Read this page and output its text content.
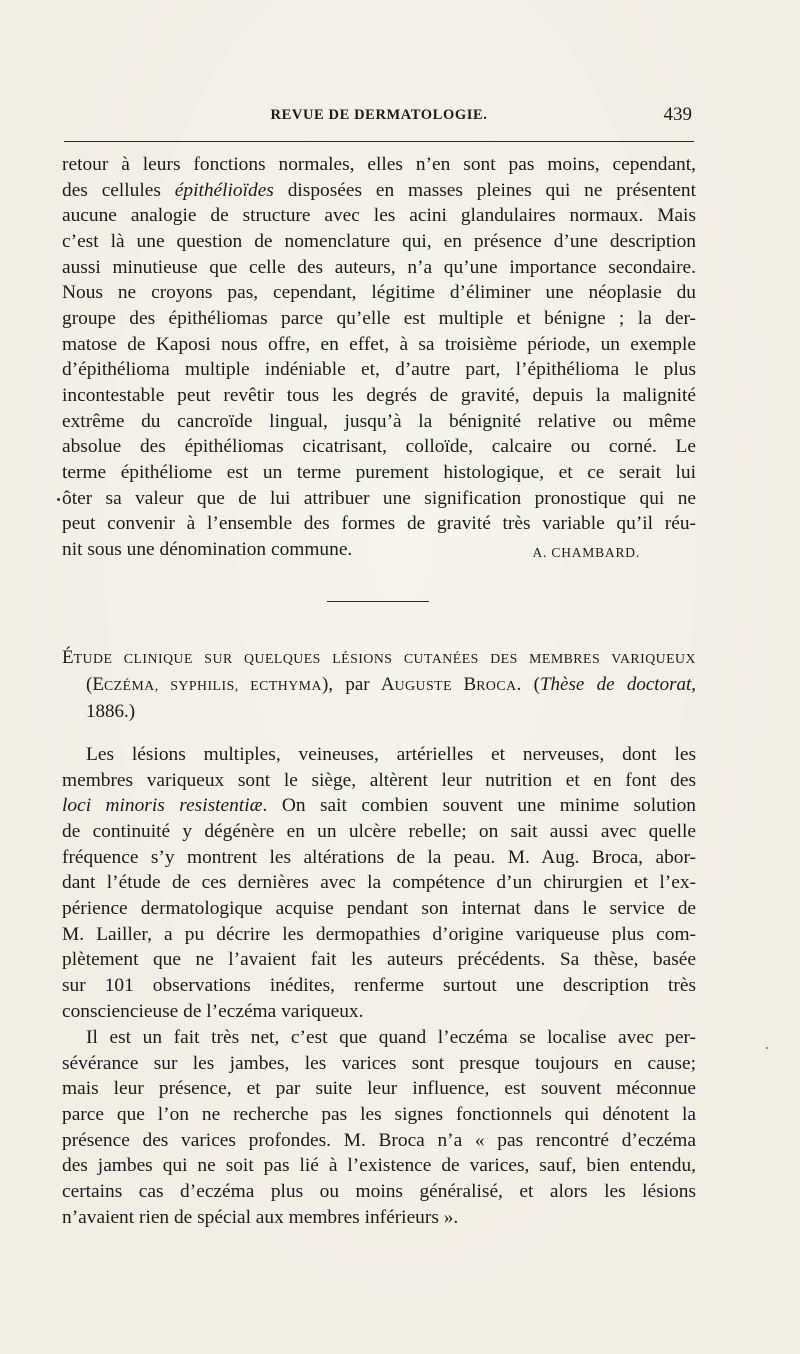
REVUE DE DERMATOLOGIE.	439
retour à leurs fonctions normales, elles n’en sont pas moins, cependant,
des cellules épithélioïdes disposées en masses pleines qui ne présentent
aucune analogie de structure avec les acini glandulaires normaux. Mais
c’est là une question de nomenclature qui, en présence d’une description
aussi minutieuse que celle des auteurs, n’a qu’une importance secondaire.
Nous ne croyons pas, cependant, légitime d’éliminer une néoplasie du
groupe des épithéliomas parce qu’elle est multiple et bénigne ; la der-
matose de Kaposi nous offre, en effet, à sa troisième période, un exemple
d’épithélioma multiple indéniable et, d’autre part, l’épithélioma le plus
incontestable peut revêtir tous les degrés de gravité, depuis la malignité
extrême du cancroïde lingual, jusqu’à la bénignité relative ou même
absolue des épithéliomas cicatrisant, colloïde, calcaire ou corné. Le
terme épithéliome est un terme purement histologique, et ce serait lui
ôter sa valeur que de lui attribuer une signification pronostique qui ne
peut convenir à l’ensemble des formes de gravité très variable qu’il réu-
nit sous une dénomination commune.	A. CHAMBARD.
ÉTUDE CLINIQUE SUR QUELQUES LÉSIONS CUTANÉES DES MEMBRES VARIQUEUX
(ECZÉMA, SYPHILIS, ECTHYMA), par AUGUSTE BROCA. (Thèse de doctorat,
1886.)
Les lésions multiples, veineuses, artérielles et nerveuses, dont les
membres variqueux sont le siège, altèrent leur nutrition et en font des
loci minoris resistentiæ. On sait combien souvent une minime solution
de continuité y dégénère en un ulcère rebelle; on sait aussi avec quelle
fréquence s’y montrent les altérations de la peau. M. Aug. Broca, abor-
dant l’étude de ces dernières avec la compétence d’un chirurgien et l’ex-
périence dermatologique acquise pendant son internat dans le service de
M. Lailler, a pu décrire les dermopathies d’origine variqueuse plus com-
plètement que ne l’avaient fait les auteurs précédents. Sa thèse, basée
sur 101 observations inédites, renferme surtout une description très
consciencieuse de l’eczéma variqueux.
Il est un fait très net, c’est que quand l’eczéma se localise avec per-
sévérance sur les jambes, les varices sont presque toujours en cause;
mais leur présence, et par suite leur influence, est souvent méconnue
parce que l’on ne recherche pas les signes fonctionnels qui dénotent la
présence des varices profondes. M. Broca n’a « pas rencontré d’eczéma
des jambes qui ne soit pas lié à l’existence de varices, sauf, bien entendu,
certains cas d’eczéma plus ou moins généralisé, et alors les lésions
n’avaient rien de spécial aux membres inférieurs ».
